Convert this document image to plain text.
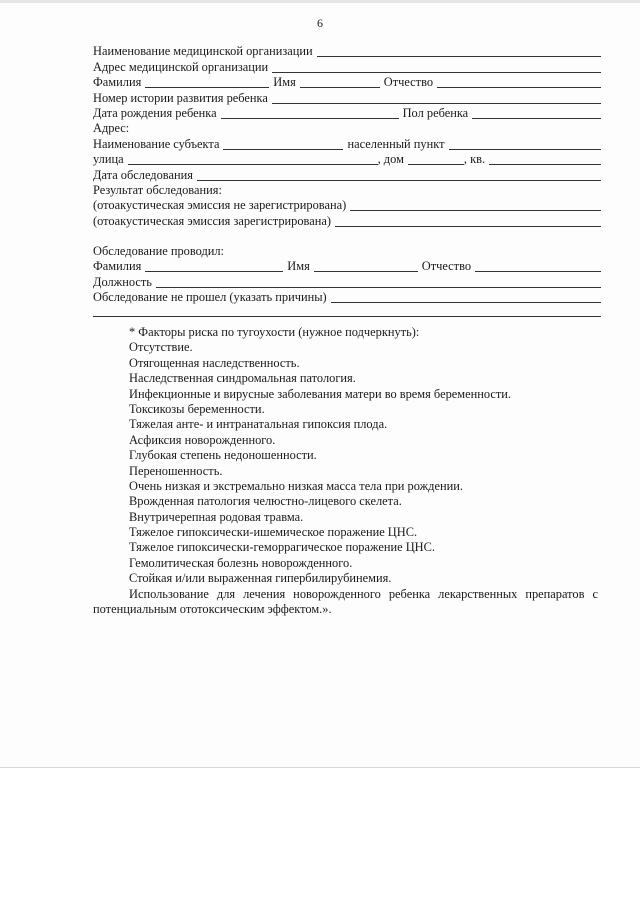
6
Наименование медицинской организации
Адрес медицинской организации
Фамилия	Имя	Отчество
Номер истории развития ребенка
Дата рождения ребенка	Пол ребенка
Адрес:
Наименование субъекта	населенный пункт
улица	, дом	, кв.
Дата обследования
Результат обследования:
(отоакустическая эмиссия не зарегистрирована)
(отоакустическая эмиссия зарегистрирована)
Обследование проводил:
Фамилия	Имя	Отчество
Должность
Обследование не прошел (указать причины)
* Факторы риска по тугоухости (нужное подчеркнуть):
Отсутствие.
Отягощенная наследственность.
Наследственная синдромальная патология.
Инфекционные и вирусные заболевания матери во время беременности.
Токсикозы беременности.
Тяжелая анте- и интранатальная гипоксия плода.
Асфиксия новорожденного.
Глубокая степень недоношенности.
Переношенность.
Очень низкая и экстремально низкая масса тела при рождении.
Врожденная патология челюстно-лицевого скелета.
Внутричерепная родовая травма.
Тяжелое гипоксически-ишемическое поражение ЦНС.
Тяжелое гипоксически-геморрагическое поражение ЦНС.
Гемолитическая болезнь новорожденного.
Стойкая и/или выраженная гипербилирубинемия.
Использование для лечения новорожденного ребенка лекарственных препаратов с потенциальным ототоксическим эффектом.».
